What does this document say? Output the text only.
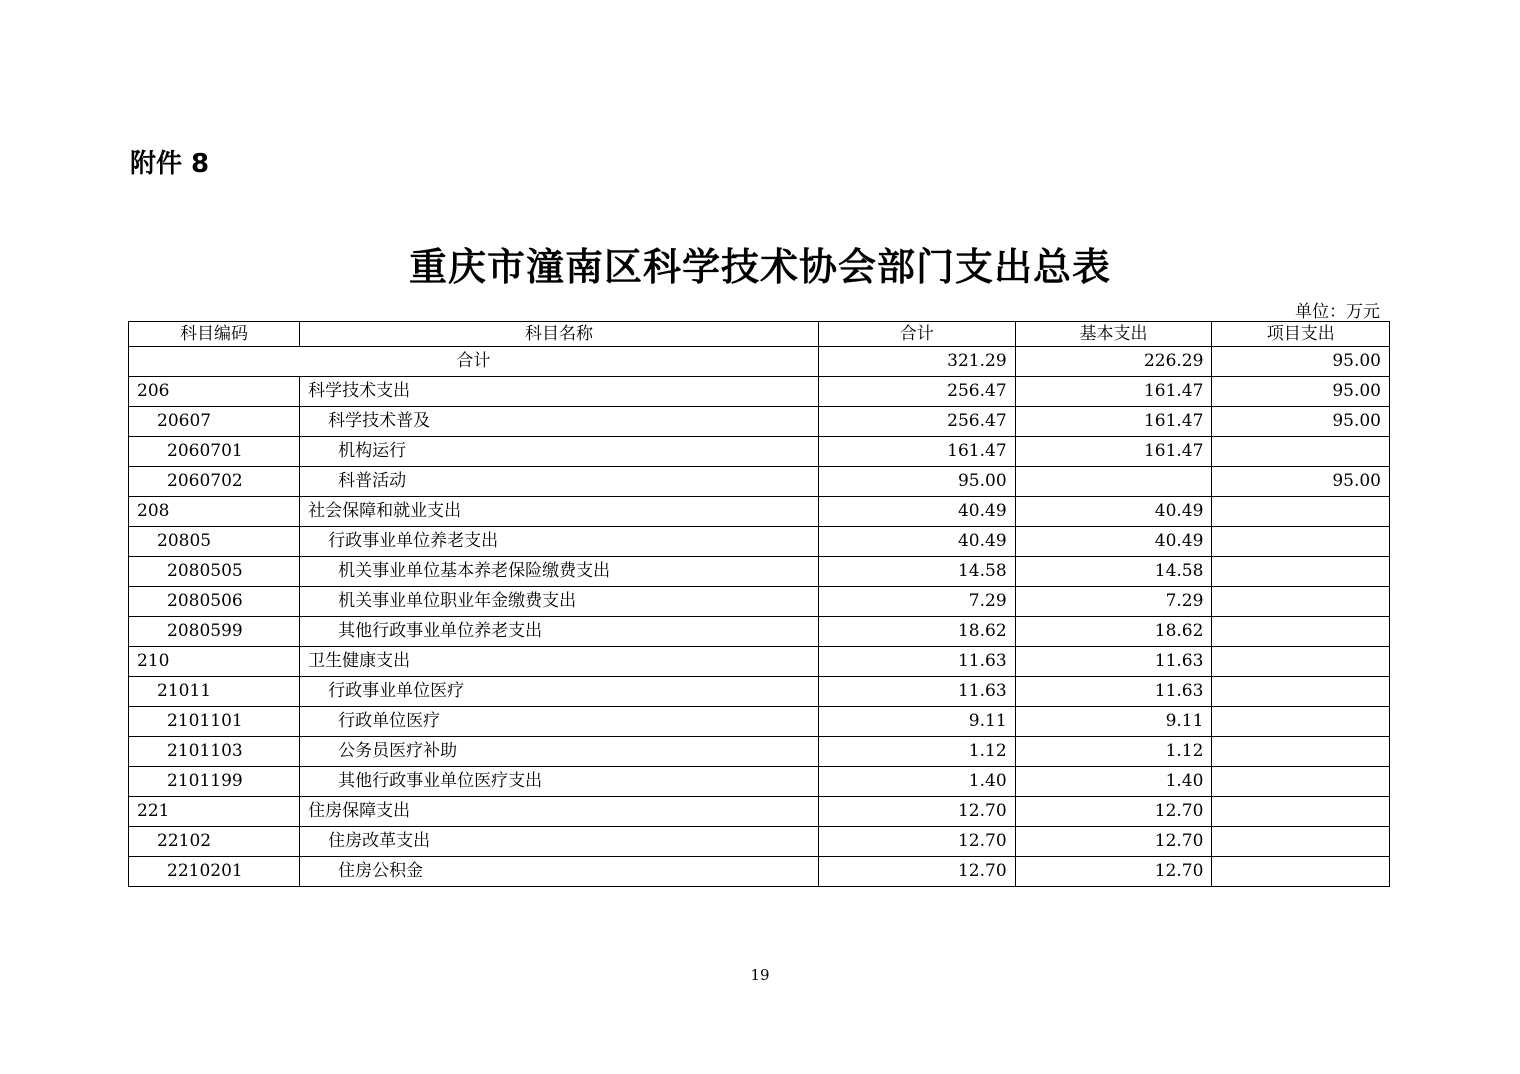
附件 8
重庆市潼南区科学技术协会部门支出总表
单位：万元
科目编码	科目名称	合计	基本支出	项目支出
合计		321.29	226.29	95.00
206	科学技术支出	256.47	161.47	95.00
20607	科学技术普及	256.47	161.47	95.00
2060701	机构运行	161.47	161.47	
2060702	科普活动	95.00		95.00
208	社会保障和就业支出	40.49	40.49	
20805	行政事业单位养老支出	40.49	40.49	
2080505	机关事业单位基本养老保险缴费支出	14.58	14.58	
2080506	机关事业单位职业年金缴费支出	7.29	7.29	
2080599	其他行政事业单位养老支出	18.62	18.62	
210	卫生健康支出	11.63	11.63	
21011	行政事业单位医疗	11.63	11.63	
2101101	行政单位医疗	9.11	9.11	
2101103	公务员医疗补助	1.12	1.12	
2101199	其他行政事业单位医疗支出	1.40	1.40	
221	住房保障支出	12.70	12.70	
22102	住房改革支出	12.70	12.70	
2210201	住房公积金	12.70	12.70	
19
